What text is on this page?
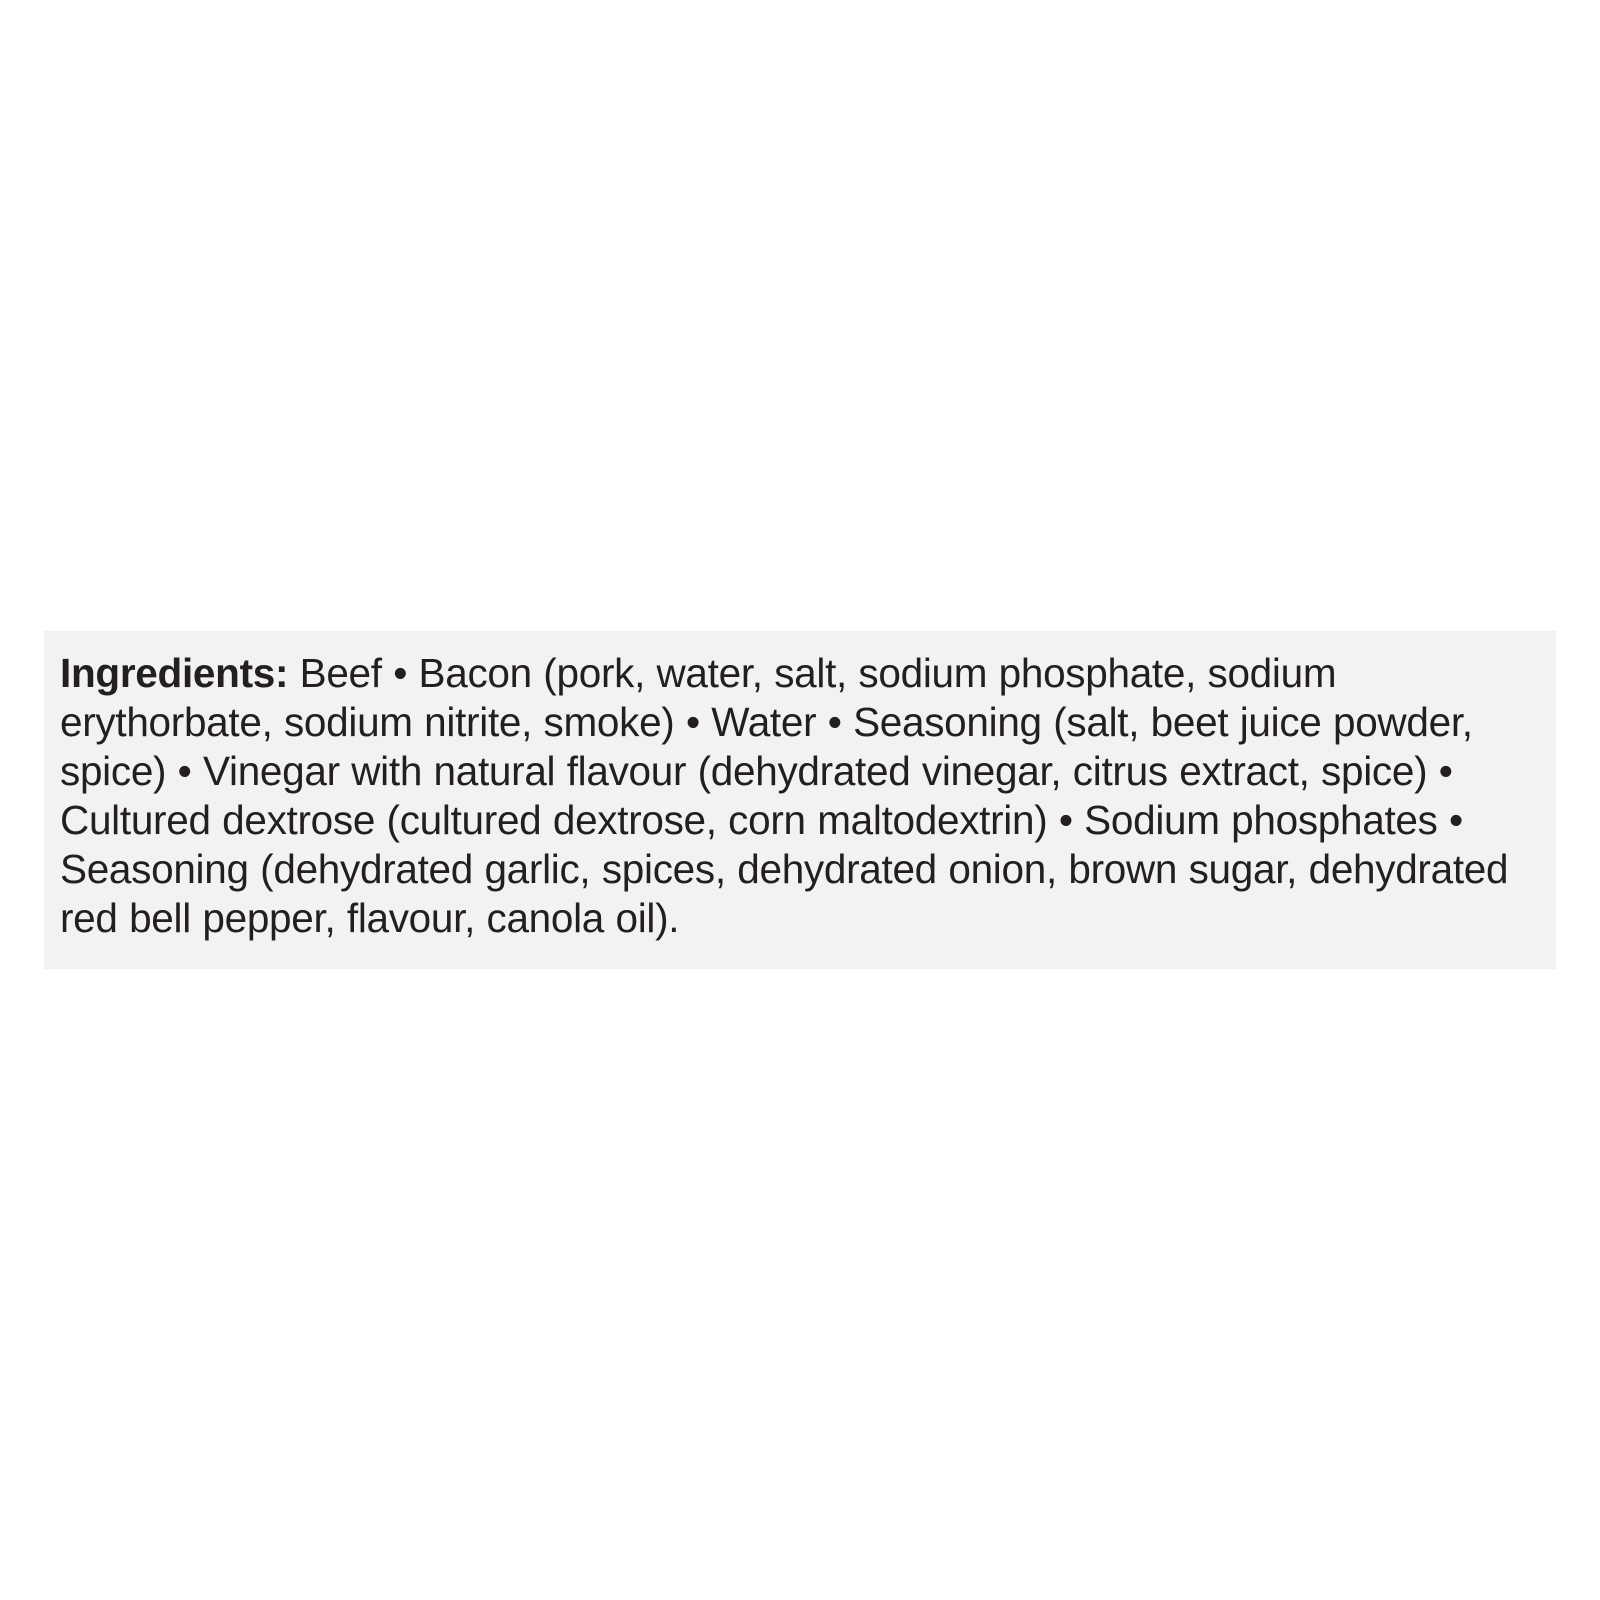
Ingredients: Beef • Bacon (pork, water, salt, sodium phosphate, sodium erythorbate, sodium nitrite, smoke) • Water • Seasoning (salt, beet juice powder, spice) • Vinegar with natural flavour (dehydrated vinegar, citrus extract, spice) • Cultured dextrose (cultured dextrose, corn maltodextrin) • Sodium phosphates • Seasoning (dehydrated garlic, spices, dehydrated onion, brown sugar, dehydrated red bell pepper, flavour, canola oil).
